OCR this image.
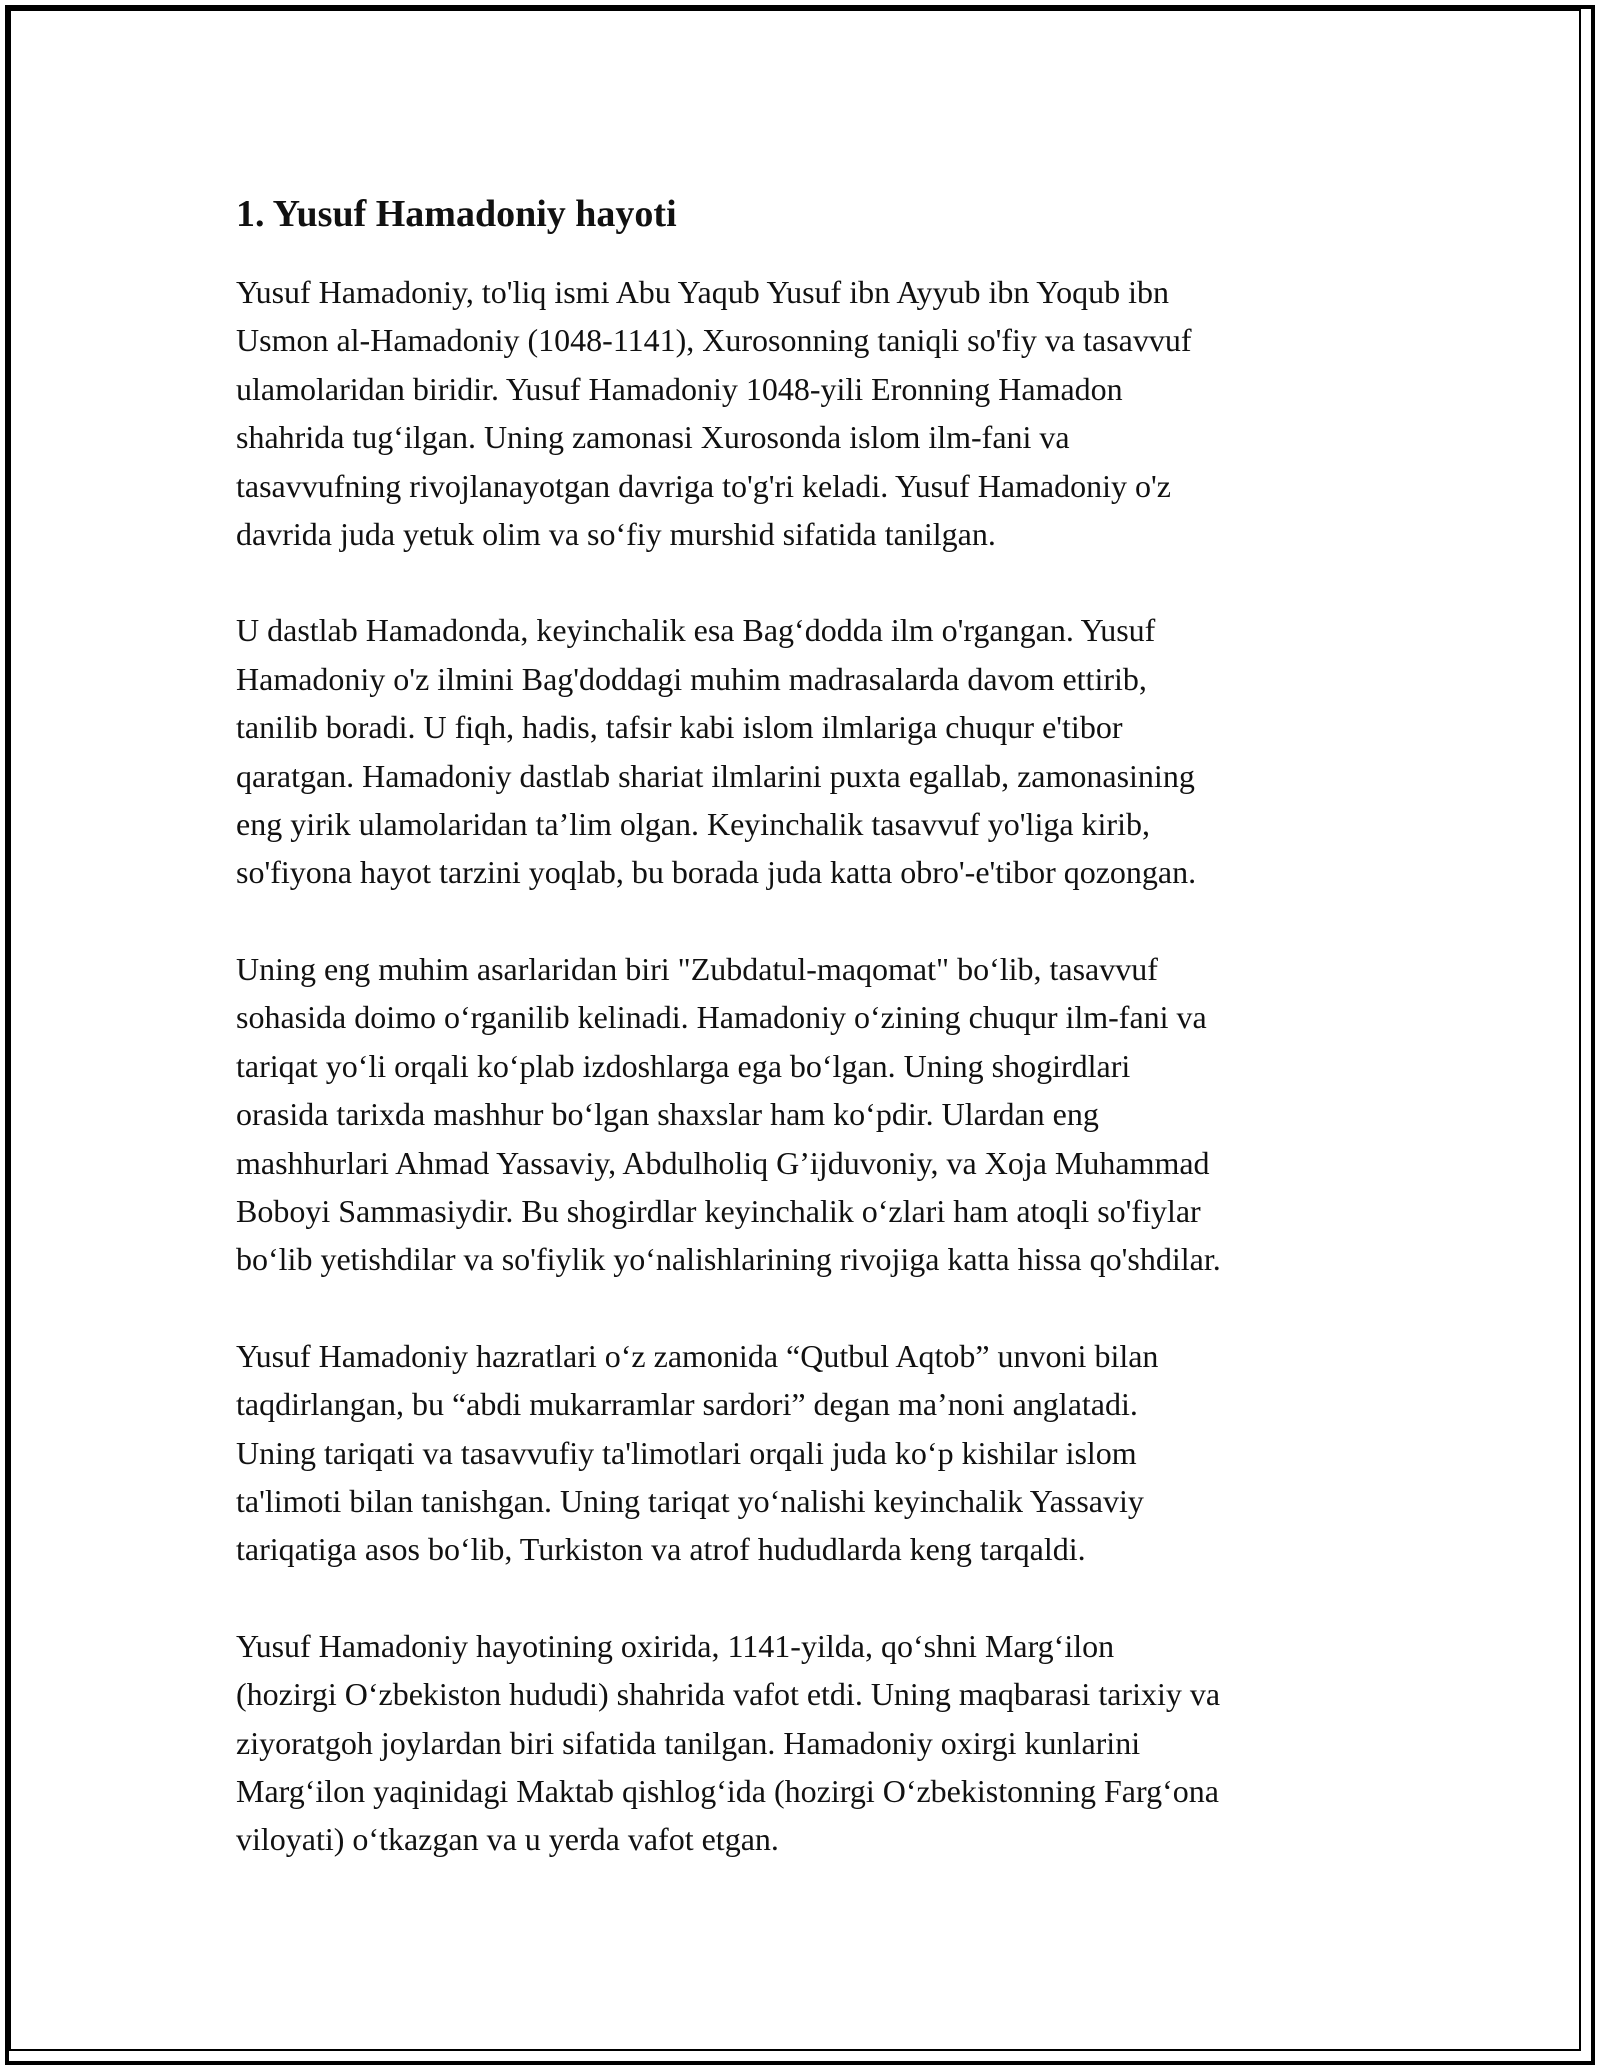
1. Yusuf Hamadoniy hayoti

Yusuf Hamadoniy, to'liq ismi Abu Yaqub Yusuf ibn Ayyub ibn Yoqub ibn
Usmon al-Hamadoniy (1048-1141), Xurosonning taniqli so'fiy va tasavvuf
ulamolaridan biridir. Yusuf Hamadoniy 1048-yili Eronning Hamadon
shahrida tug‘ilgan. Uning zamonasi Xurosonda islom ilm-fani va
tasavvufning rivojlanayotgan davriga to'g'ri keladi. Yusuf Hamadoniy o'z
davrida juda yetuk olim va so‘fiy murshid sifatida tanilgan.

U dastlab Hamadonda, keyinchalik esa Bag‘dodda ilm o'rgangan. Yusuf
Hamadoniy o'z ilmini Bag'doddagi muhim madrasalarda davom ettirib,
tanilib boradi. U fiqh, hadis, tafsir kabi islom ilmlariga chuqur e'tibor
qaratgan. Hamadoniy dastlab shariat ilmlarini puxta egallab, zamonasining
eng yirik ulamolaridan ta’lim olgan. Keyinchalik tasavvuf yo'liga kirib,
so'fiyona hayot tarzini yoqlab, bu borada juda katta obro'-e'tibor qozongan.

Uning eng muhim asarlaridan biri "Zubdatul-maqomat" bo‘lib, tasavvuf
sohasida doimo o‘rganilib kelinadi. Hamadoniy o‘zining chuqur ilm-fani va
tariqat yo‘li orqali ko‘plab izdoshlarga ega bo‘lgan. Uning shogirdlari
orasida tarixda mashhur bo‘lgan shaxslar ham ko‘pdir. Ulardan eng
mashhurlari Ahmad Yassaviy, Abdulholiq G’ijduvoniy, va Xoja Muhammad
Boboyi Sammasiydir. Bu shogirdlar keyinchalik o‘zlari ham atoqli so'fiylar
bo‘lib yetishdilar va so'fiylik yo‘nalishlarining rivojiga katta hissa qo'shdilar.

Yusuf Hamadoniy hazratlari o‘z zamonida “Qutbul Aqtob” unvoni bilan
taqdirlangan, bu “abdi mukarramlar sardori” degan ma’noni anglatadi.
Uning tariqati va tasavvufiy ta'limotlari orqali juda ko‘p kishilar islom
ta'limoti bilan tanishgan. Uning tariqat yo‘nalishi keyinchalik Yassaviy
tariqatiga asos bo‘lib, Turkiston va atrof hududlarda keng tarqaldi.

Yusuf Hamadoniy hayotining oxirida, 1141-yilda, qo‘shni Marg‘ilon
(hozirgi O‘zbekiston hududi) shahrida vafot etdi. Uning maqbarasi tarixiy va
ziyoratgoh joylardan biri sifatida tanilgan. Hamadoniy oxirgi kunlarini
Marg‘ilon yaqinidagi Maktab qishlog‘ida (hozirgi O‘zbekistonning Farg‘ona
viloyati) o‘tkazgan va u yerda vafot etgan.
